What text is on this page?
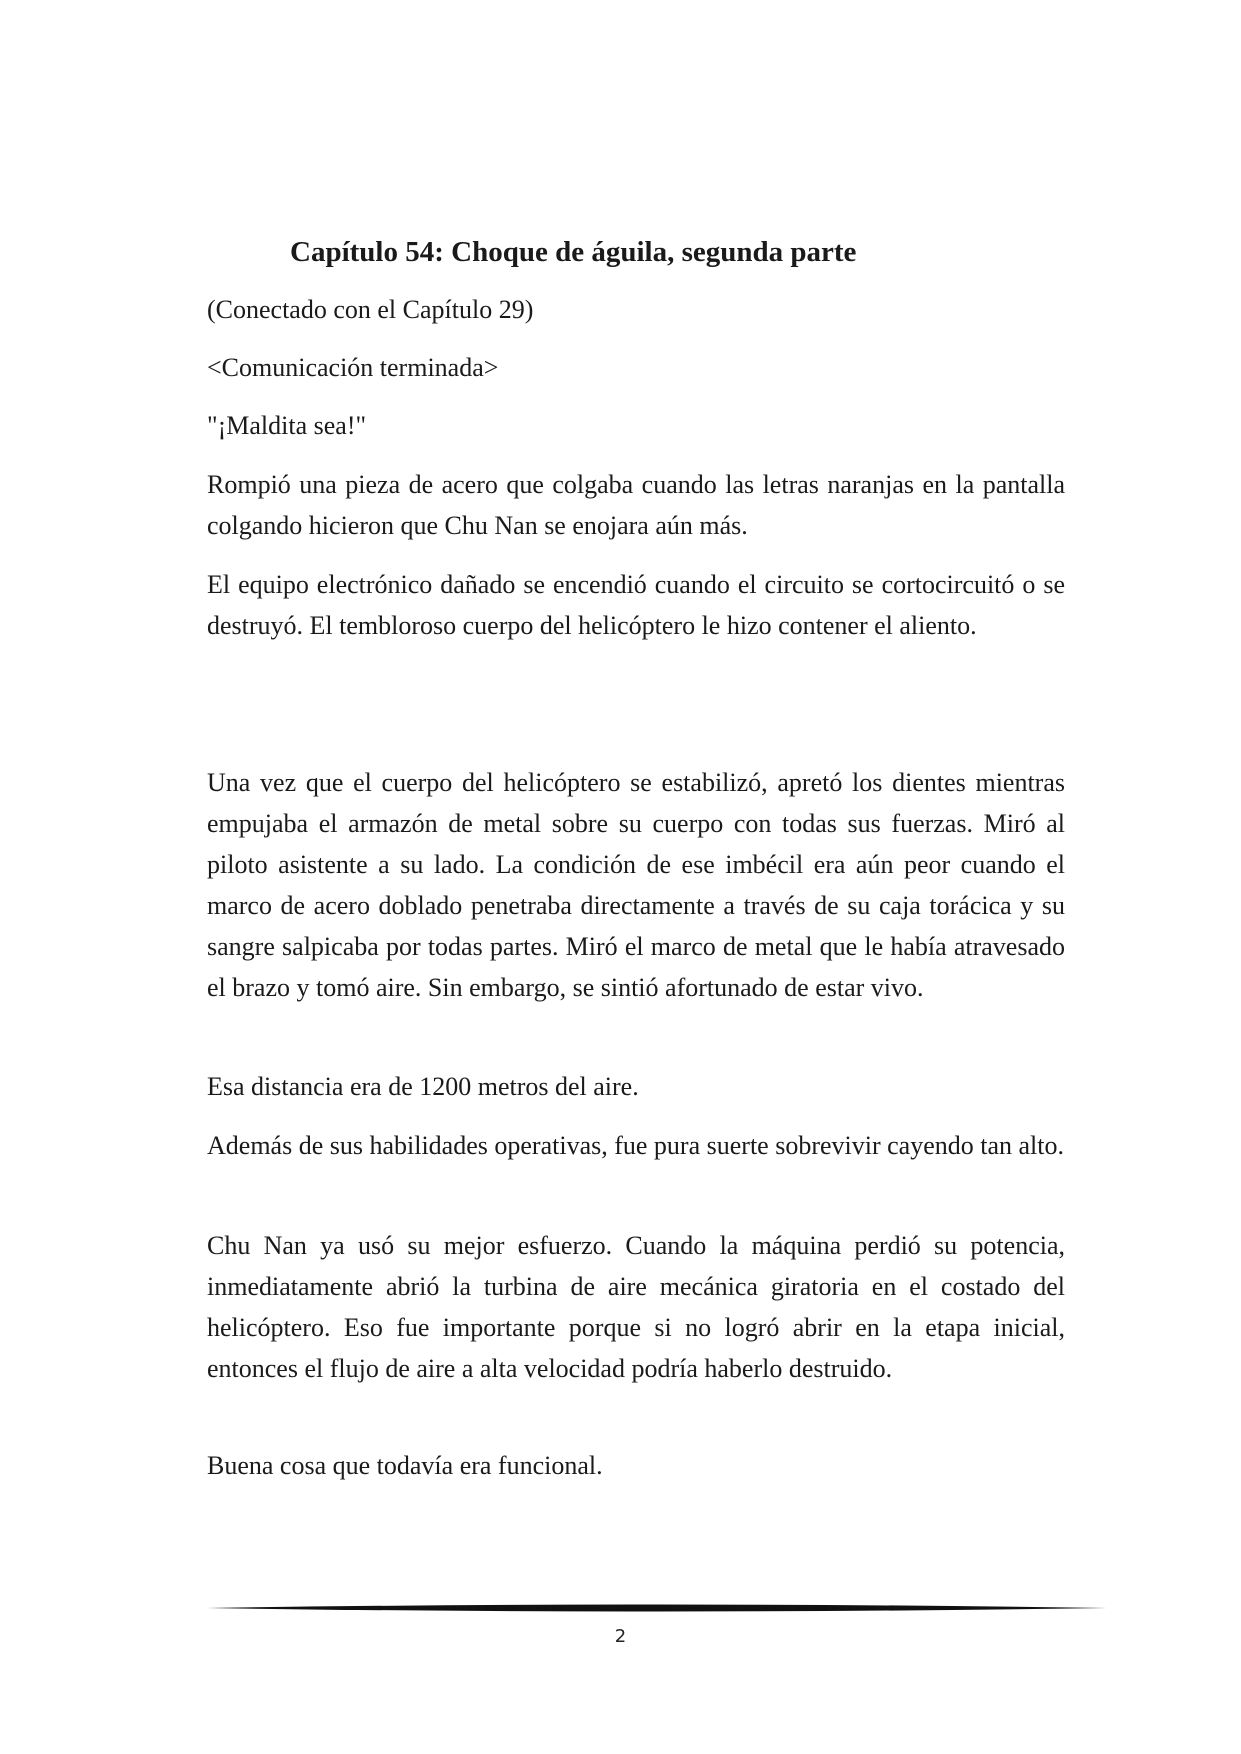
Capítulo 54: Choque de águila, segunda parte

(Conectado con el Capítulo 29)

<Comunicación terminada>

"¡Maldita sea!"

Rompió una pieza de acero que colgaba cuando las letras naranjas en la pantalla colgando hicieron que Chu Nan se enojara aún más.

El equipo electrónico dañado se encendió cuando el circuito se cortocircuitó o se destruyó. El tembloroso cuerpo del helicóptero le hizo contener el aliento.

Una vez que el cuerpo del helicóptero se estabilizó, apretó los dientes mientras empujaba el armazón de metal sobre su cuerpo con todas sus fuerzas. Miró al piloto asistente a su lado. La condición de ese imbécil era aún peor cuando el marco de acero doblado penetraba directamente a través de su caja torácica y su sangre salpicaba por todas partes. Miró el marco de metal que le había atravesado el brazo y tomó aire. Sin embargo, se sintió afortunado de estar vivo.

Esa distancia era de 1200 metros del aire.

Además de sus habilidades operativas, fue pura suerte sobrevivir cayendo tan alto.

Chu Nan ya usó su mejor esfuerzo. Cuando la máquina perdió su potencia, inmediatamente abrió la turbina de aire mecánica giratoria en el costado del helicóptero. Eso fue importante porque si no logró abrir en la etapa inicial, entonces el flujo de aire a alta velocidad podría haberlo destruido.

Buena cosa que todavía era funcional.

2
